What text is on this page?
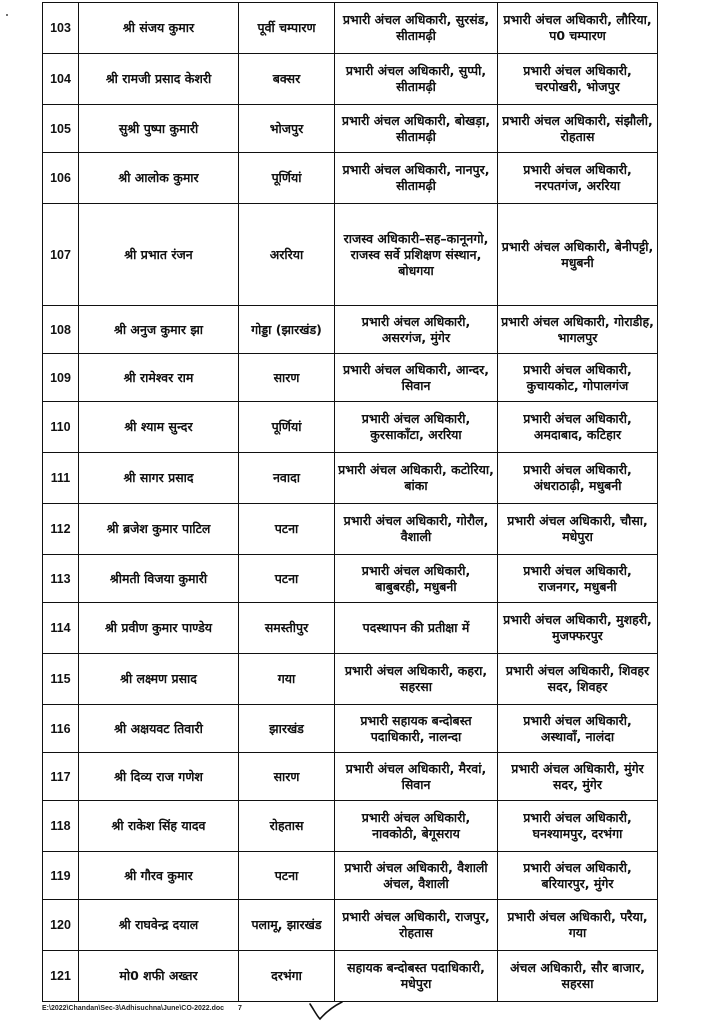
103	श्री संजय कुमार	पूर्वी चम्पारण	प्रभारी अंचल अधिकारी, सुरसंड, सीतामढ़ी	प्रभारी अंचल अधिकारी, लौरिया, प0 चम्पारण
104	श्री रामजी प्रसाद केशरी	बक्सर	प्रभारी अंचल अधिकारी, सुप्पी, सीतामढ़ी	प्रभारी अंचल अधिकारी, चरपोखरी, भोजपुर
105	सुश्री पुष्पा कुमारी	भोजपुर	प्रभारी अंचल अधिकारी, बोखड़ा, सीतामढ़ी	प्रभारी अंचल अधिकारी, संझौली, रोहतास
106	श्री आलोक कुमार	पूर्णियां	प्रभारी अंचल अधिकारी, नानपुर, सीतामढ़ी	प्रभारी अंचल अधिकारी, नरपतगंज, अररिया
107	श्री प्रभात रंजन	अररिया	राजस्व अधिकारी–सह–कानूनगो, राजस्व सर्वे प्रशिक्षण संस्थान, बोधगया	प्रभारी अंचल अधिकारी, बेनीपट्टी, मधुबनी
108	श्री अनुज कुमार झा	गोड्डा (झारखंड)	प्रभारी अंचल अधिकारी, असरगंज, मुंगेर	प्रभारी अंचल अधिकारी, गोराडीह, भागलपुर
109	श्री रामेश्वर राम	सारण	प्रभारी अंचल अधिकारी, आन्दर, सिवान	प्रभारी अंचल अधिकारी, कुचायकोट, गोपालगंज
110	श्री श्याम सुन्दर	पूर्णियां	प्रभारी अंचल अधिकारी, कुरसाकाँटा, अररिया	प्रभारी अंचल अधिकारी, अमदाबाद, कटिहार
111	श्री सागर प्रसाद	नवादा	प्रभारी अंचल अधिकारी, कटोरिया, बांका	प्रभारी अंचल अधिकारी, अंधराठाढ़ी, मधुबनी
112	श्री ब्रजेश कुमार पाटिल	पटना	प्रभारी अंचल अधिकारी, गोरौल, वैशाली	प्रभारी अंचल अधिकारी, चौसा, मधेपुरा
113	श्रीमती विजया कुमारी	पटना	प्रभारी अंचल अधिकारी, बाबुबरही, मधुबनी	प्रभारी अंचल अधिकारी, राजनगर, मधुबनी
114	श्री प्रवीण कुमार पाण्डेय	समस्तीपुर	पदस्थापन की प्रतीक्षा में	प्रभारी अंचल अधिकारी, मुशहरी, मुजफ्फरपुर
115	श्री लक्ष्मण प्रसाद	गया	प्रभारी अंचल अधिकारी, कहरा, सहरसा	प्रभारी अंचल अधिकारी, शिवहर सदर, शिवहर
116	श्री अक्षयवट तिवारी	झारखंड	प्रभारी सहायक बन्दोबस्त पदाधिकारी, नालन्दा	प्रभारी अंचल अधिकारी, अस्थावाँ, नालंदा
117	श्री दिव्य राज गणेश	सारण	प्रभारी अंचल अधिकारी, मैरवां, सिवान	प्रभारी अंचल अधिकारी, मुंगेर सदर, मुंगेर
118	श्री राकेश सिंह यादव	रोहतास	प्रभारी अंचल अधिकारी, नावकोठी, बेगूसराय	प्रभारी अंचल अधिकारी, घनश्यामपुर, दरभंगा
119	श्री गौरव कुमार	पटना	प्रभारी अंचल अधिकारी, वैशाली अंचल, वैशाली	प्रभारी अंचल अधिकारी, बरियारपुर, मुंगेर
120	श्री राघवेन्द्र दयाल	पलामू, झारखंड	प्रभारी अंचल अधिकारी, राजपुर, रोहतास	प्रभारी अंचल अधिकारी, परैया, गया
121	मो0 शफी अख्तर	दरभंगा	सहायक बन्दोबस्त पदाधिकारी, मधेपुरा	अंचल अधिकारी, सौर बाजार, सहरसा
E:\2022\Chandan\Sec-3\Adhisuchna\June\CO-2022.doc 7
